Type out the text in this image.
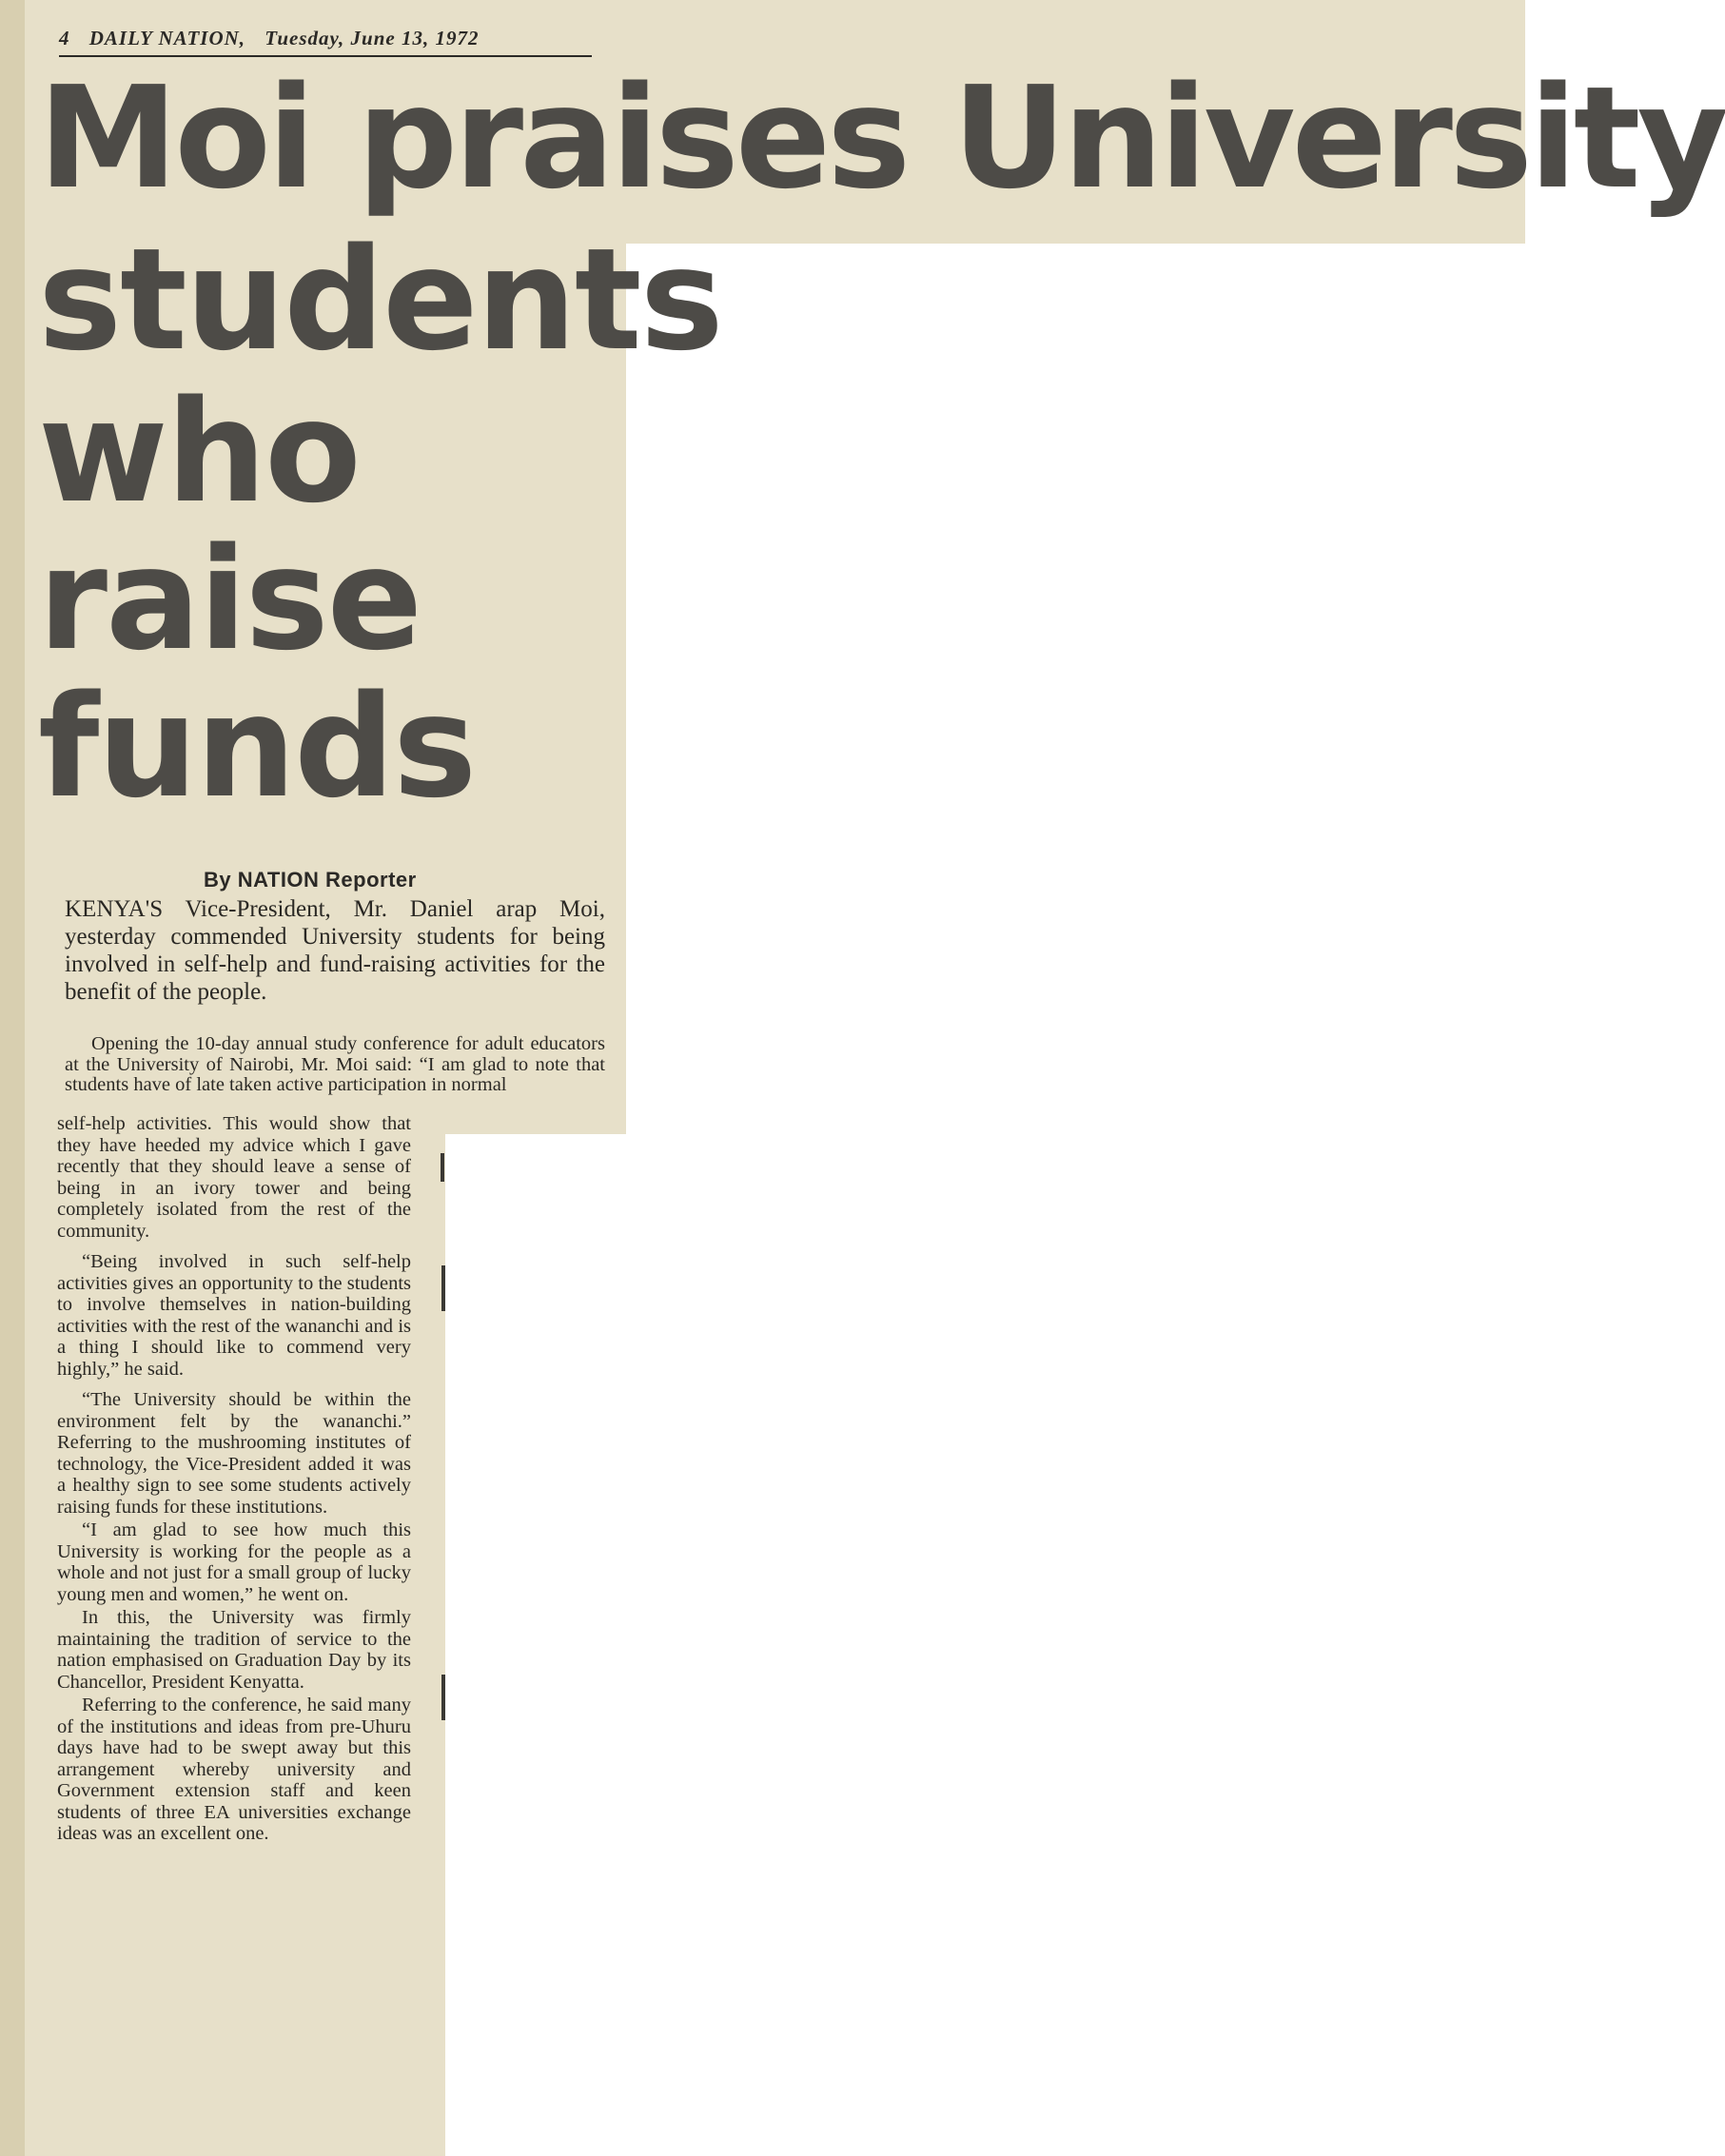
4 DAILY NATION, Tuesday, June 13, 1972
Moi praises University
students
who
raise
funds
By NATION Reporter

KENYA'S Vice-President, Mr. Daniel arap Moi, yesterday commended University students for being involved in self-help and fund-raising activities for the benefit of the people.

Opening the 10-day annual study conference for adult educators at the University of Nairobi, Mr. Moi said: “I am glad to note that students have of late taken active participation in normal

self-help activities. This would show that they have heeded my advice which I gave recently that they should leave a sense of being in an ivory tower and being completely isolated from the rest of the community.

“Being involved in such self-help activities gives an opportunity to the students to involve themselves in nation-building activities with the rest of the wananchi and is a thing I should like to commend very highly,” he said.

“The University should be within the environment felt by the wananchi.” Referring to the mushrooming institutes of technology, the Vice-President added it was a healthy sign to see some students actively raising funds for these institutions.

“I am glad to see how much this University is working for the people as a whole and not just for a small group of lucky young men and women,” he went on.

In this, the University was firmly maintaining the tradition of service to the nation emphasised on Graduation Day by its Chancellor, President Kenyatta.

Referring to the conference, he said many of the institutions and ideas from pre-Uhuru days have had to be swept away but this arrangement whereby university and Government extension staff and keen students of three EA universities exchange ideas was an excellent one.
